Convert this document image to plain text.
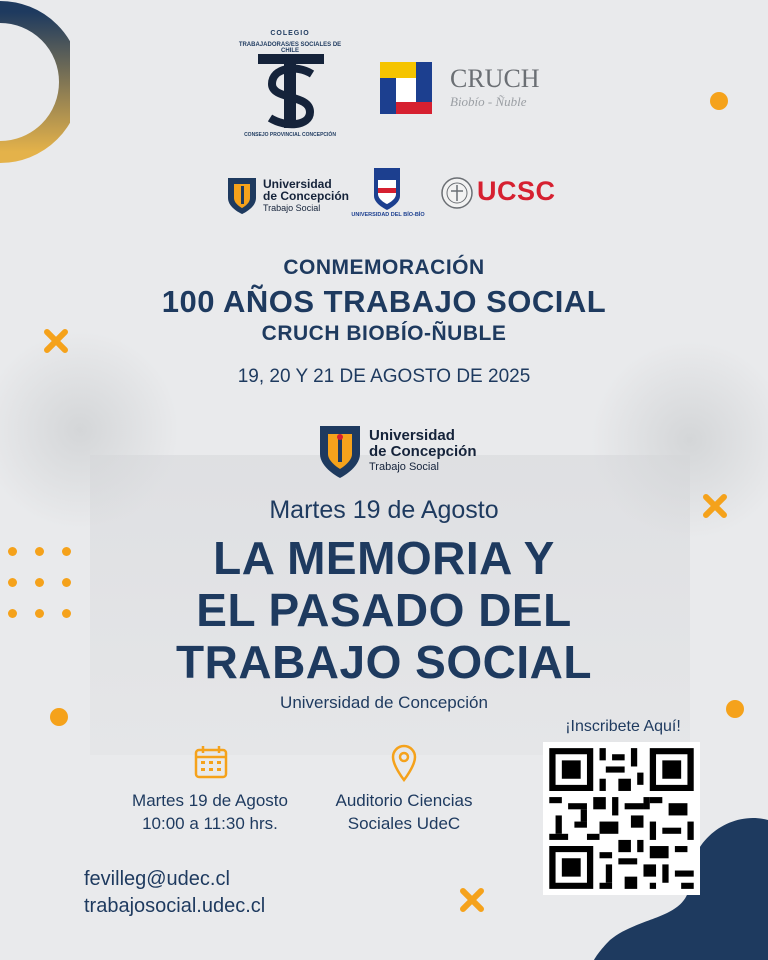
COLEGIO
TRABAJADORAS/ES SOCIALES DE CHILE
CONSEJO PROVINCIAL CONCEPCIÓN
CRUCH
Biobío - Ñuble
Universidad
de Concepción
Trabajo Social
UNIVERSIDAD DEL BÍO-BÍO
UCSC
CONMEMORACIÓN
100 AÑOS TRABAJO SOCIAL
CRUCH BIOBÍO-ÑUBLE
19, 20 Y 21 DE AGOSTO DE 2025
Universidad
de Concepción
Trabajo Social
Martes 19 de Agosto
LA MEMORIA Y
EL PASADO DEL
TRABAJO SOCIAL
Universidad de Concepción
Martes 19 de Agosto
10:00 a 11:30 hrs.
Auditorio Ciencias
Sociales UdeC
¡Inscribete Aquí!
fevilleg@udec.cl
trabajosocial.udec.cl
